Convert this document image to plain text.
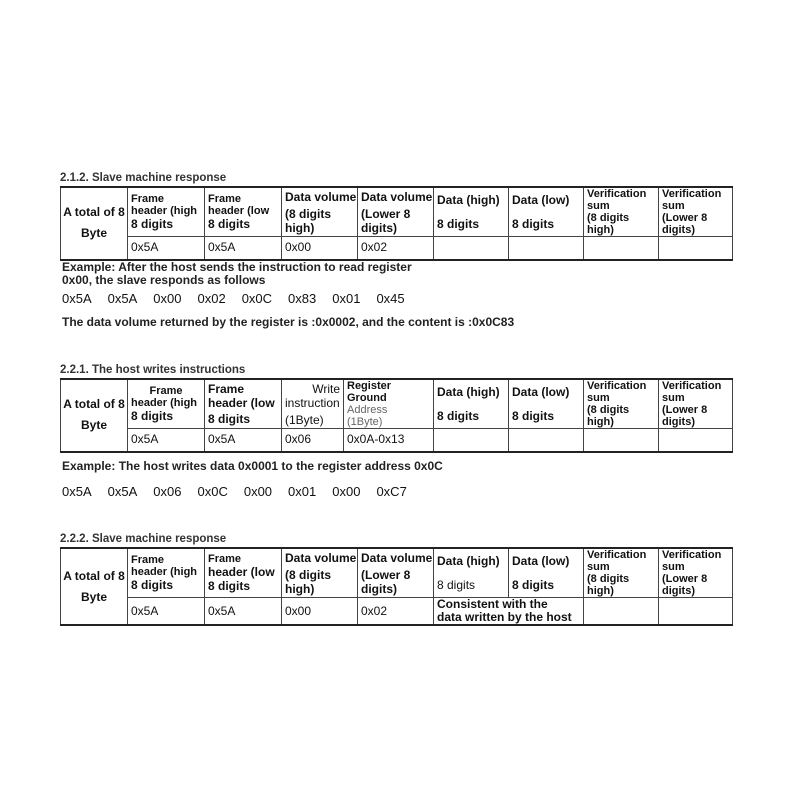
2.1.2. Slave machine response
A total of 8
Byte	Frame
header (high
8 digits	Frame
header (low
8 digits	Data volume
(8 digits
high)	Data volume
(Lower 8
digits)	Data (high)
8 digits	Data (low)
8 digits	Verification
sum
(8 digits
high)	Verification
sum
(Lower 8
digits)

	0x5A	0x5A	0x00	0x02				
Example: After the host sends the instruction to read register
0x00, the slave responds as follows
0x5A 0x5A 0x00 0x02 0x0C 0x83 0x01 0x45
The data volume returned by the register is :0x0002, and the content is :0x0C83
2.2.1. The host writes instructions
A total of 8
Byte	Frame
header (high
8 digits	Frame
header (low
8 digits	Write
instruction
(1Byte)	Register
Ground
Address
(1Byte)	Data (high)
8 digits	Data (low)
8 digits	Verification
sum
(8 digits
high)	Verification
sum
(Lower 8
digits)

	0x5A	0x5A	0x06	0x0A-0x13				
Example: The host writes data 0x0001 to the register address 0x0C
0x5A 0x5A 0x06 0x0C 0x00 0x01 0x00 0xC7
2.2.2. Slave machine response
A total of 8
Byte	Frame
header (high
8 digits	Frame
header (low
8 digits	Data volume
(8 digits
high)	Data volume
(Lower 8
digits)	Data (high)
8 digits	Data (low)
8 digits	Verification
sum
(8 digits
high)	Verification
sum
(Lower 8
digits)

	0x5A	0x5A	0x00	0x02	Consistent with the
data written by the host			
